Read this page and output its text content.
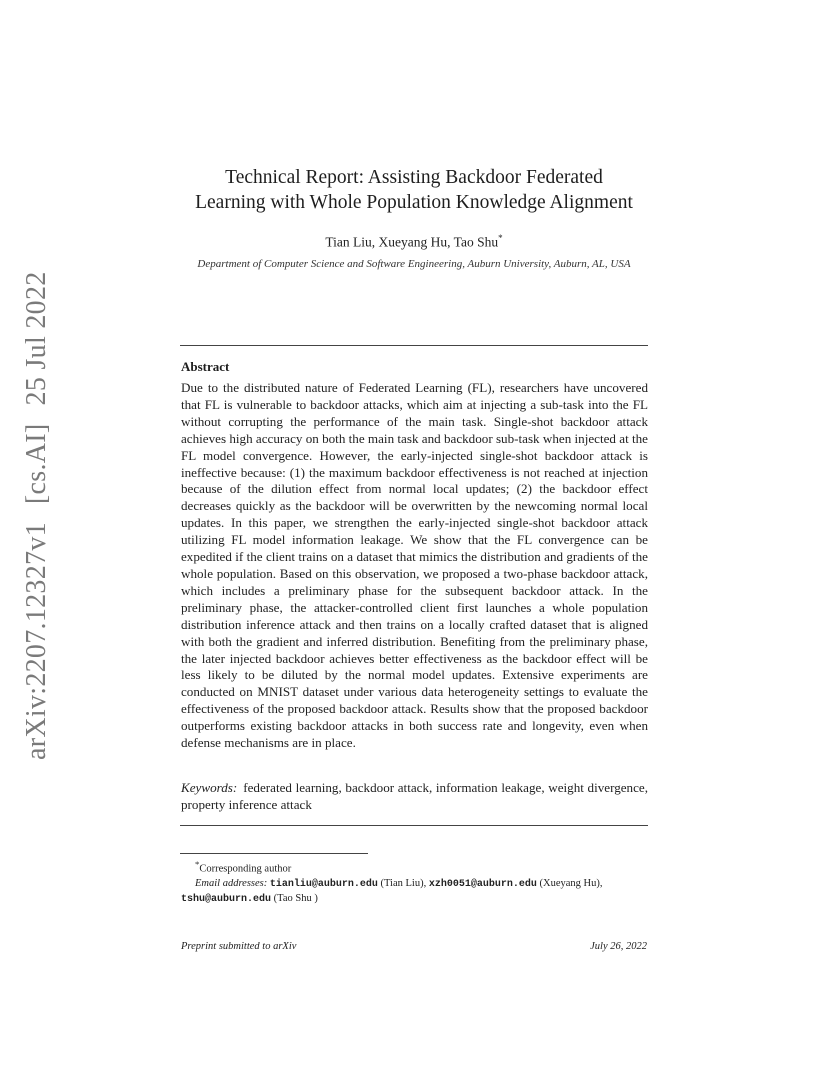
arXiv:2207.12327v1[cs.AI]25 Jul 2022
Technical Report: Assisting Backdoor Federated
Learning with Whole Population Knowledge Alignment
Tian Liu, Xueyang Hu, Tao Shu*
Department of Computer Science and Software Engineering, Auburn University, Auburn, AL, USA
Abstract
Due to the distributed nature of Federated Learning (FL), researchers have uncovered that FL is vulnerable to backdoor attacks, which aim at injecting a sub-task into the FL without corrupting the performance of the main task. Single-shot backdoor attack achieves high accuracy on both the main task and backdoor sub-task when injected at the FL model convergence. However, the early-injected single-shot backdoor attack is ineffective because: (1) the maximum backdoor effectiveness is not reached at injection because of the dilution effect from normal local updates; (2) the backdoor effect decreases quickly as the backdoor will be overwritten by the newcoming normal local updates. In this paper, we strengthen the early-injected single-shot backdoor attack utilizing FL model information leakage. We show that the FL convergence can be expedited if the client trains on a dataset that mimics the distribution and gradients of the whole population. Based on this observation, we proposed a two-phase backdoor attack, which includes a preliminary phase for the subsequent backdoor attack. In the preliminary phase, the attacker-controlled client first launches a whole population distribution inference attack and then trains on a locally crafted dataset that is aligned with both the gradient and inferred distribution. Benefiting from the preliminary phase, the later injected backdoor achieves better effectiveness as the backdoor effect will be less likely to be diluted by the normal model updates. Extensive experiments are conducted on MNIST dataset under various data heterogeneity settings to evaluate the effectiveness of the proposed backdoor attack. Results show that the proposed backdoor outperforms existing backdoor attacks in both success rate and longevity, even when defense mechanisms are in place.
Keywords: federated learning, backdoor attack, information leakage, weight divergence, property inference attack
*Corresponding author
Email addresses: tianliu@auburn.edu (Tian Liu), xzh0051@auburn.edu (Xueyang Hu),
tshu@auburn.edu (Tao Shu )
Preprint submitted to arXiv	July 26, 2022
